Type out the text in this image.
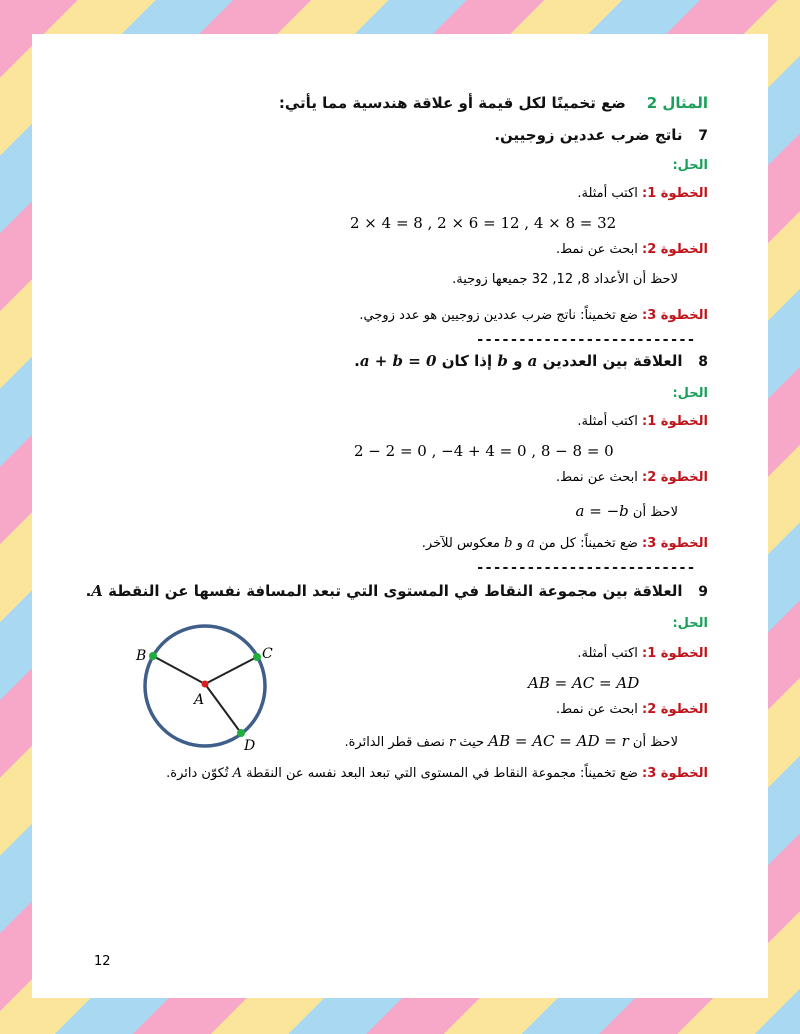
المثال 2    ضع تخمينًا لكل قيمة أو علاقة هندسية مما يأتي:
7   ناتج ضرب عددين زوجيين.
الحل:
الخطوة 1: اكتب أمثلة.
2 × 4 = 8 , 2 × 6 = 12 , 4 × 8 = 32
الخطوة 2: ابحث عن نمط.
لاحظ أن الأعداد 8, 12, 32 جميعها زوجية.
الخطوة 3: ضع تخميناً: ناتج ضرب عددين زوجيين هو عدد زوجي.
--------------------------
8   العلاقة بين العددين a و b إذا كان a + b = 0.
الحل:
الخطوة 1: اكتب أمثلة.
2 − 2 = 0 , −4 + 4 = 0 , 8 − 8 = 0
الخطوة 2: ابحث عن نمط.
لاحظ أن a = −b
الخطوة 3: ضع تخميناً: كل من a و b معكوس للآخر.
--------------------------
9   العلاقة بين مجموعة النقاط في المستوى التي تبعد المسافة نفسها عن النقطة A.
الحل:
الخطوة 1: اكتب أمثلة.
AB = AC = AD
الخطوة 2: ابحث عن نمط.
لاحظ أن AB = AC = AD = r حيث r نصف قطر الدائرة.
الخطوة 3: ضع تخميناً: مجموعة النقاط في المستوى التي تبعد البعد نفسه عن النقطة A تُكوّن دائرة.
A
B	C
D
12
